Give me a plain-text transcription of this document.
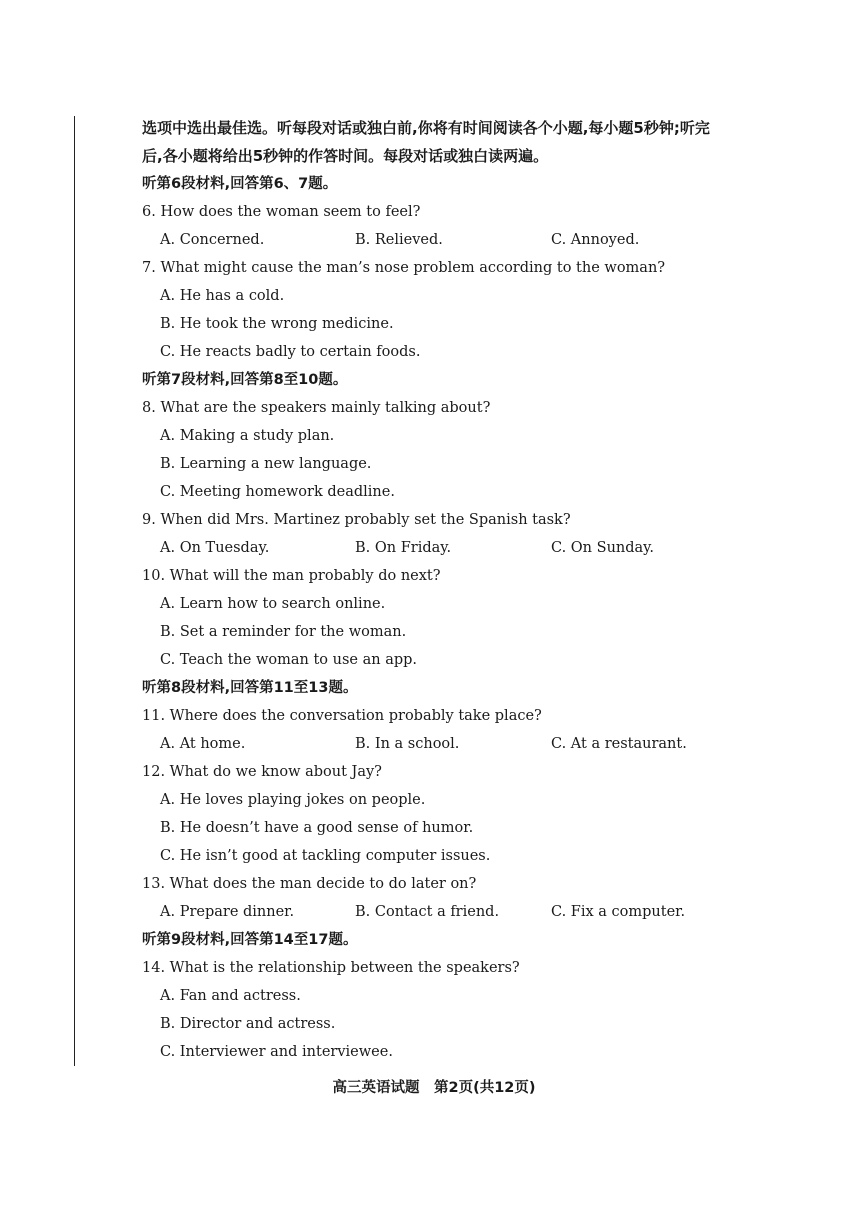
选项中选出最佳选。听每段对话或独白前,你将有时间阅读各个小题,每小题5秒钟;听完
后,各小题将给出5秒钟的作答时间。每段对话或独白读两遍。
听第6段材料,回答第6、7题。
6. How does the woman seem to feel?
A. Concerned.	B. Relieved.	C. Annoyed.
7. What might cause the man’s nose problem according to the woman?
A. He has a cold.
B. He took the wrong medicine.
C. He reacts badly to certain foods.
听第7段材料,回答第8至10题。
8. What are the speakers mainly talking about?
A. Making a study plan.
B. Learning a new language.
C. Meeting homework deadline.
9. When did Mrs. Martinez probably set the Spanish task?
A. On Tuesday.	B. On Friday.	C. On Sunday.
10. What will the man probably do next?
A. Learn how to search online.
B. Set a reminder for the woman.
C. Teach the woman to use an app.
听第8段材料,回答第11至13题。
11. Where does the conversation probably take place?
A. At home.	B. In a school.	C. At a restaurant.
12. What do we know about Jay?
A. He loves playing jokes on people.
B. He doesn’t have a good sense of humor.
C. He isn’t good at tackling computer issues.
13. What does the man decide to do later on?
A. Prepare dinner.	B. Contact a friend.	C. Fix a computer.
听第9段材料,回答第14至17题。
14. What is the relationship between the speakers?
A. Fan and actress.
B. Director and actress.
C. Interviewer and interviewee.
高三英语试题　第2页(共12页)
